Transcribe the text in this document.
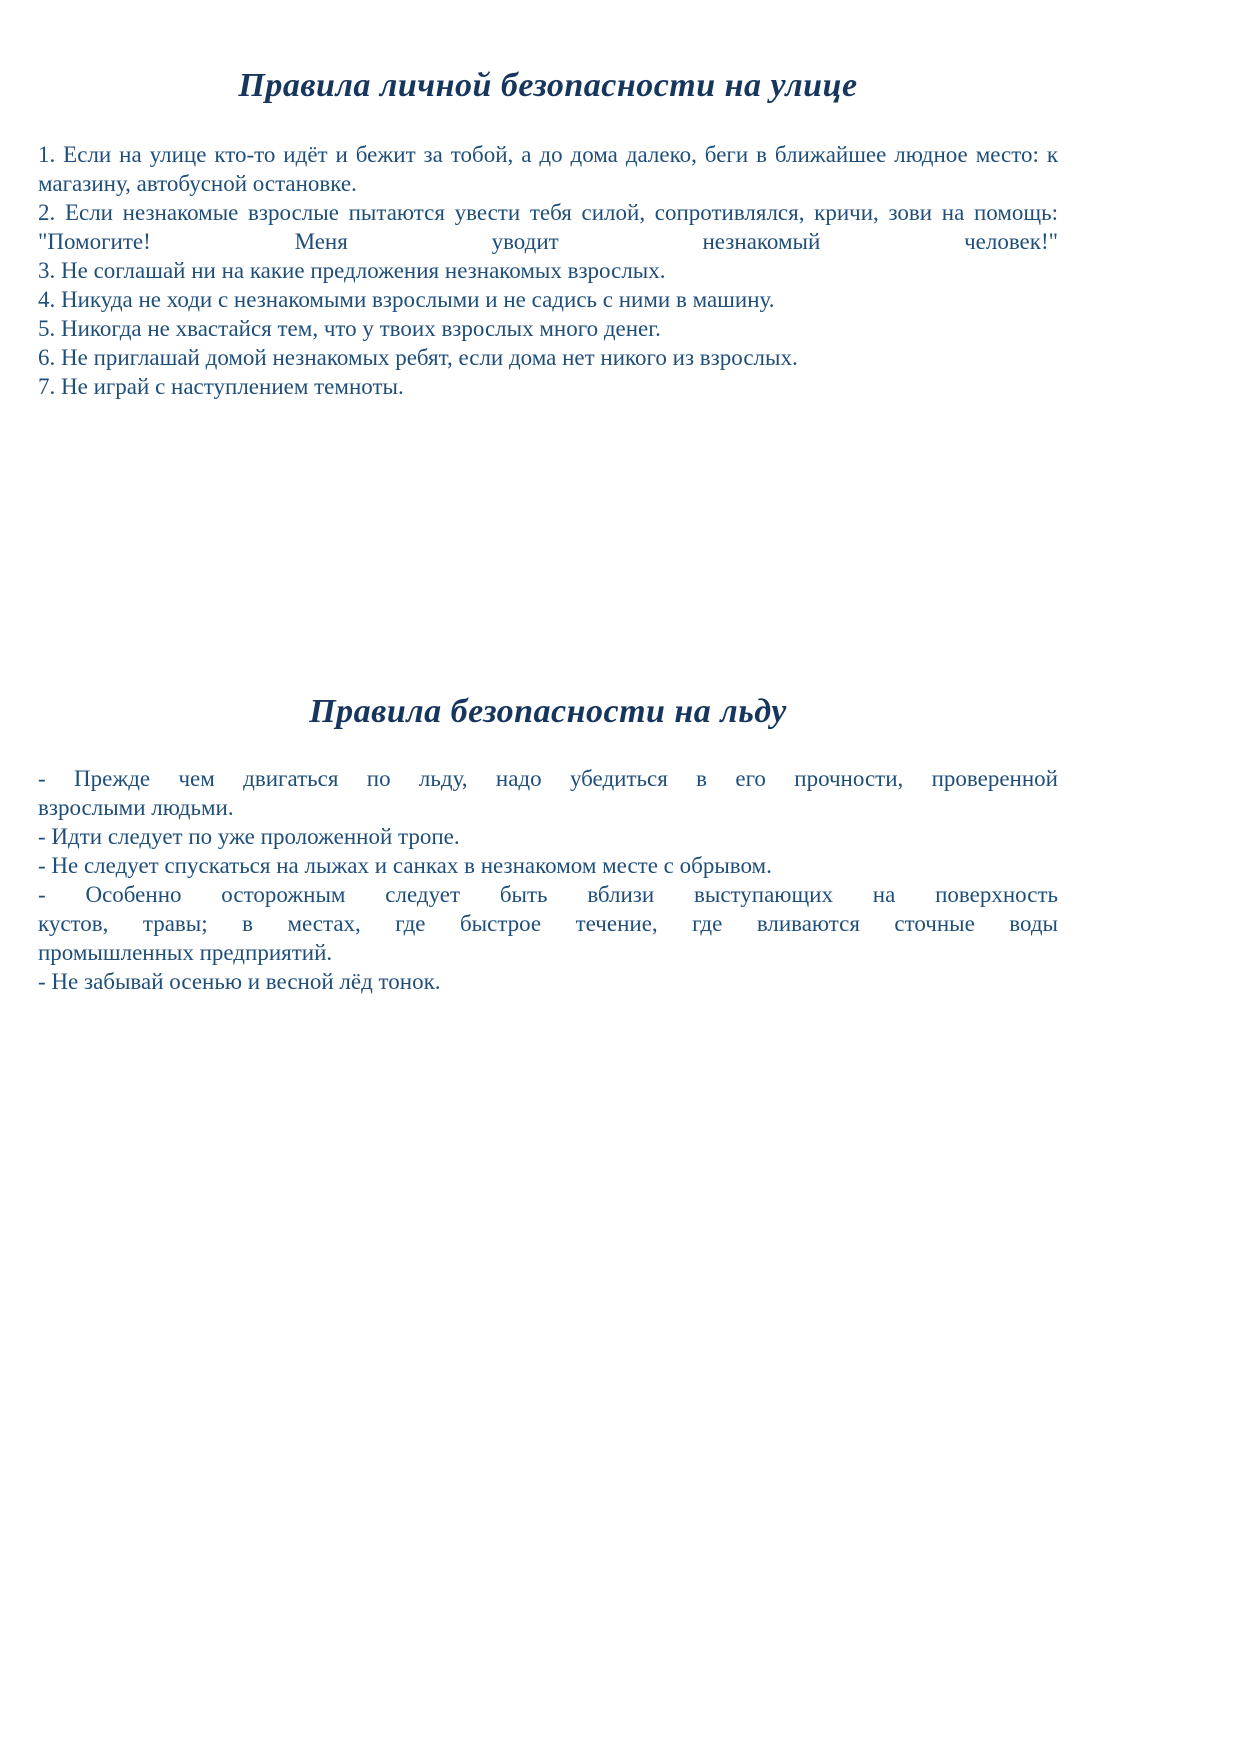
Правила личной безопасности на улице
1. Если на улице кто-то идёт и бежит за тобой, а до дома далеко, беги в ближайшее людное место: к
магазину, автобусной остановке.
2. Если незнакомые взрослые пытаются увести тебя силой, сопротивлялся, кричи, зови на помощь:
"Помогите! Меня уводит незнакомый человек!"
3. Не соглашай ни на какие предложения незнакомых взрослых.
4. Никуда не ходи с незнакомыми взрослыми и не садись с ними в машину.
5. Никогда не хвастайся тем, что у твоих взрослых много денег.
6. Не приглашай домой незнакомых ребят, если дома нет никого из взрослых.
7. Не играй с наступлением темноты.
Правила безопасности на льду
- Прежде чем двигаться по льду, надо убедиться в его прочности, проверенной
взрослыми людьми.
- Идти следует по уже проложенной тропе.
- Не следует спускаться на лыжах и санках в незнакомом месте с обрывом.
- Особенно осторожным следует быть вблизи выступающих на поверхность
кустов, травы; в местах, где быстрое течение, где вливаются сточные воды
промышленных предприятий.
- Не забывай осенью и весной лёд тонок.
